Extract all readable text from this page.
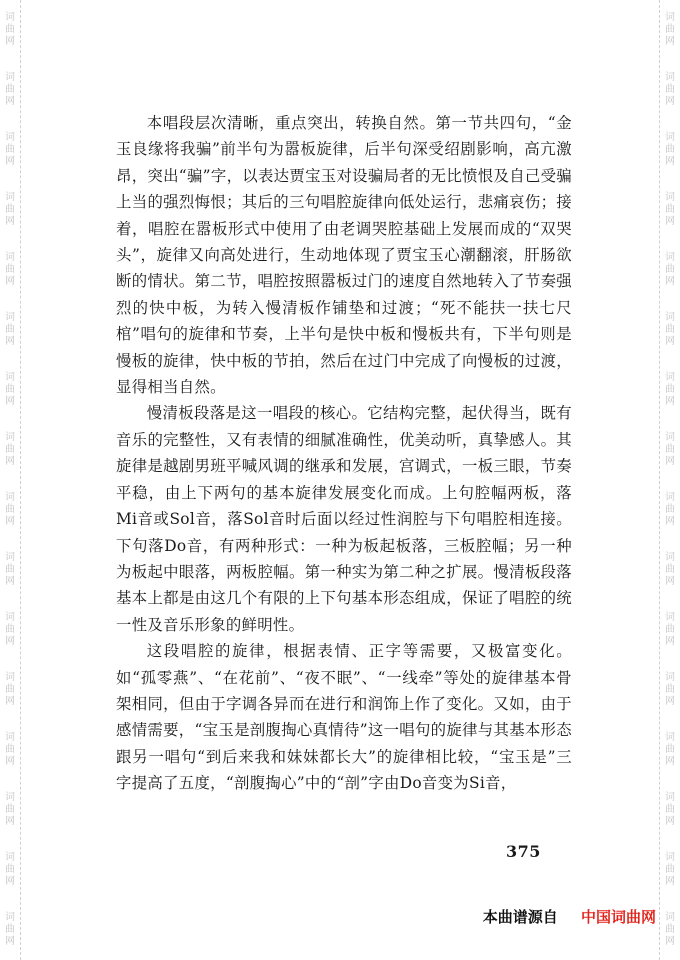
词
曲
网
词
曲
网
词
曲
网
词
曲
网
词
曲
网
词
曲
网
词
曲
网
词
曲
网
词
曲
网
词
曲
网
词
曲
网
词
曲
网
词
曲
网
词
曲
网
词
曲
网
词
曲
网
词
曲
网
词
曲
网
词
曲
网
词
曲
网
词
曲
网
词
曲
网
词
曲
网
词
曲
网
词
曲
网
词
曲
网
词
曲
网
词
曲
网
词
曲
网
词
曲
网
词
曲
网
词
曲
网

本唱段层次清晰，重点突出，转换自然。第一节共四句，“金玉良缘将我骗”前半句为嚣板旋律，后半句深受绍剧影响，高亢激昂，突出“骗”字，以表达贾宝玉对设骗局者的无比愤恨及自己受骗上当的强烈悔恨；其后的三句唱腔旋律向低处运行，悲痛哀伤；接着，唱腔在嚣板形式中使用了由老调哭腔基础上发展而成的“双哭头”，旋律又向高处进行，生动地体现了贾宝玉心潮翻滚，肝肠欲断的情状。第二节，唱腔按照嚣板过门的速度自然地转入了节奏强烈的快中板，为转入慢清板作铺垫和过渡；“死不能扶一扶七尺棺”唱句的旋律和节奏，上半句是快中板和慢板共有，下半句则是慢板的旋律，快中板的节拍，然后在过门中完成了向慢板的过渡，显得相当自然。

慢清板段落是这一唱段的核心。它结构完整，起伏得当，既有音乐的完整性，又有表情的细腻准确性，优美动听，真挚感人。其旋律是越剧男班平喊风调的继承和发展，宫调式，一板三眼，节奏平稳，由上下两句的基本旋律发展变化而成。上句腔幅两板，落Mi音或Sol音，落Sol音时后面以经过性润腔与下句唱腔相连接。下句落Do音，有两种形式：一种为板起板落，三板腔幅；另一种为板起中眼落，两板腔幅。第一种实为第二种之扩展。慢清板段落基本上都是由这几个有限的上下句基本形态组成，保证了唱腔的统一性及音乐形象的鲜明性。

这段唱腔的旋律，根据表情、正字等需要，又极富变化。如“孤零燕”、“在花前”、“夜不眠”、“一线牵”等处的旋律基本骨架相同，但由于字调各异而在进行和润饰上作了变化。又如，由于感情需要，“宝玉是剖腹掏心真情待”这一唱句的旋律与其基本形态跟另一唱句“到后来我和妹妹都长大”的旋律相比较，“宝玉是”三字提高了五度，“剖腹掏心”中的“剖”字由Do音变为Si音，

375
本曲谱源自 中国词曲网
